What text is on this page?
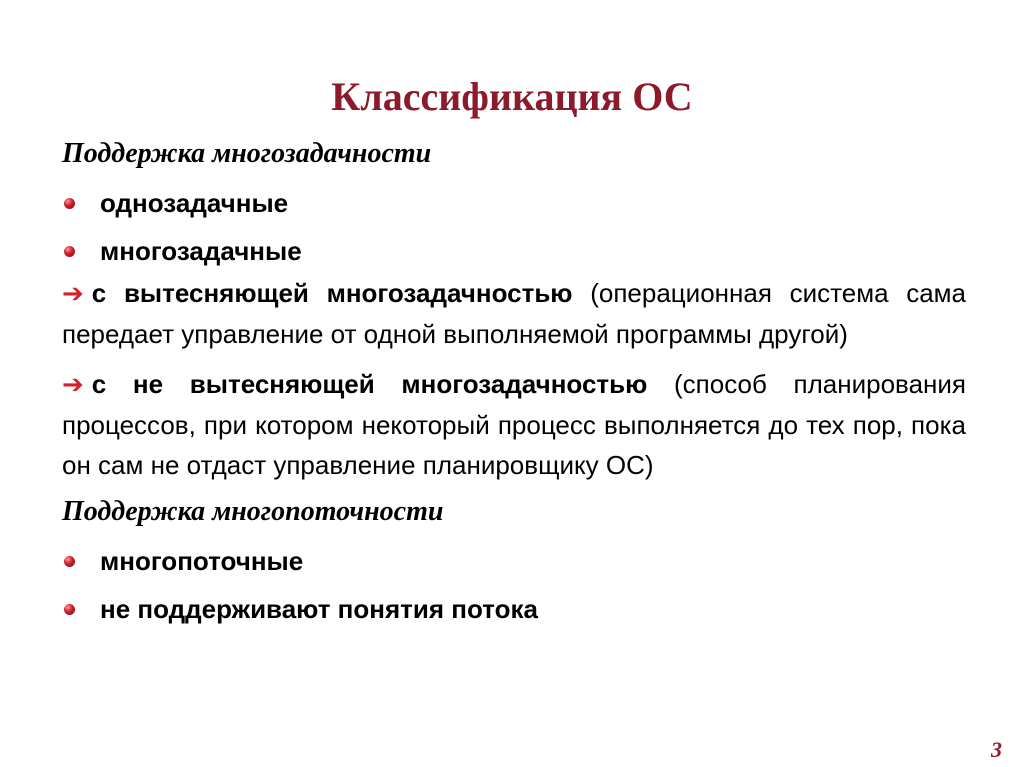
Классификация ОС

Поддержка многозадачности

однозадачные
многозадачные
➔ с вытесняющей многозадачностью (операционная система сама передает управление от одной выполняемой программы другой)
➔ с не вытесняющей многозадачностью (способ планирования процессов, при котором некоторый процесс выполняется до тех пор, пока он сам не отдаст управление планировщику ОС)

Поддержка многопоточности

многопоточные
не поддерживают понятия потока
3
